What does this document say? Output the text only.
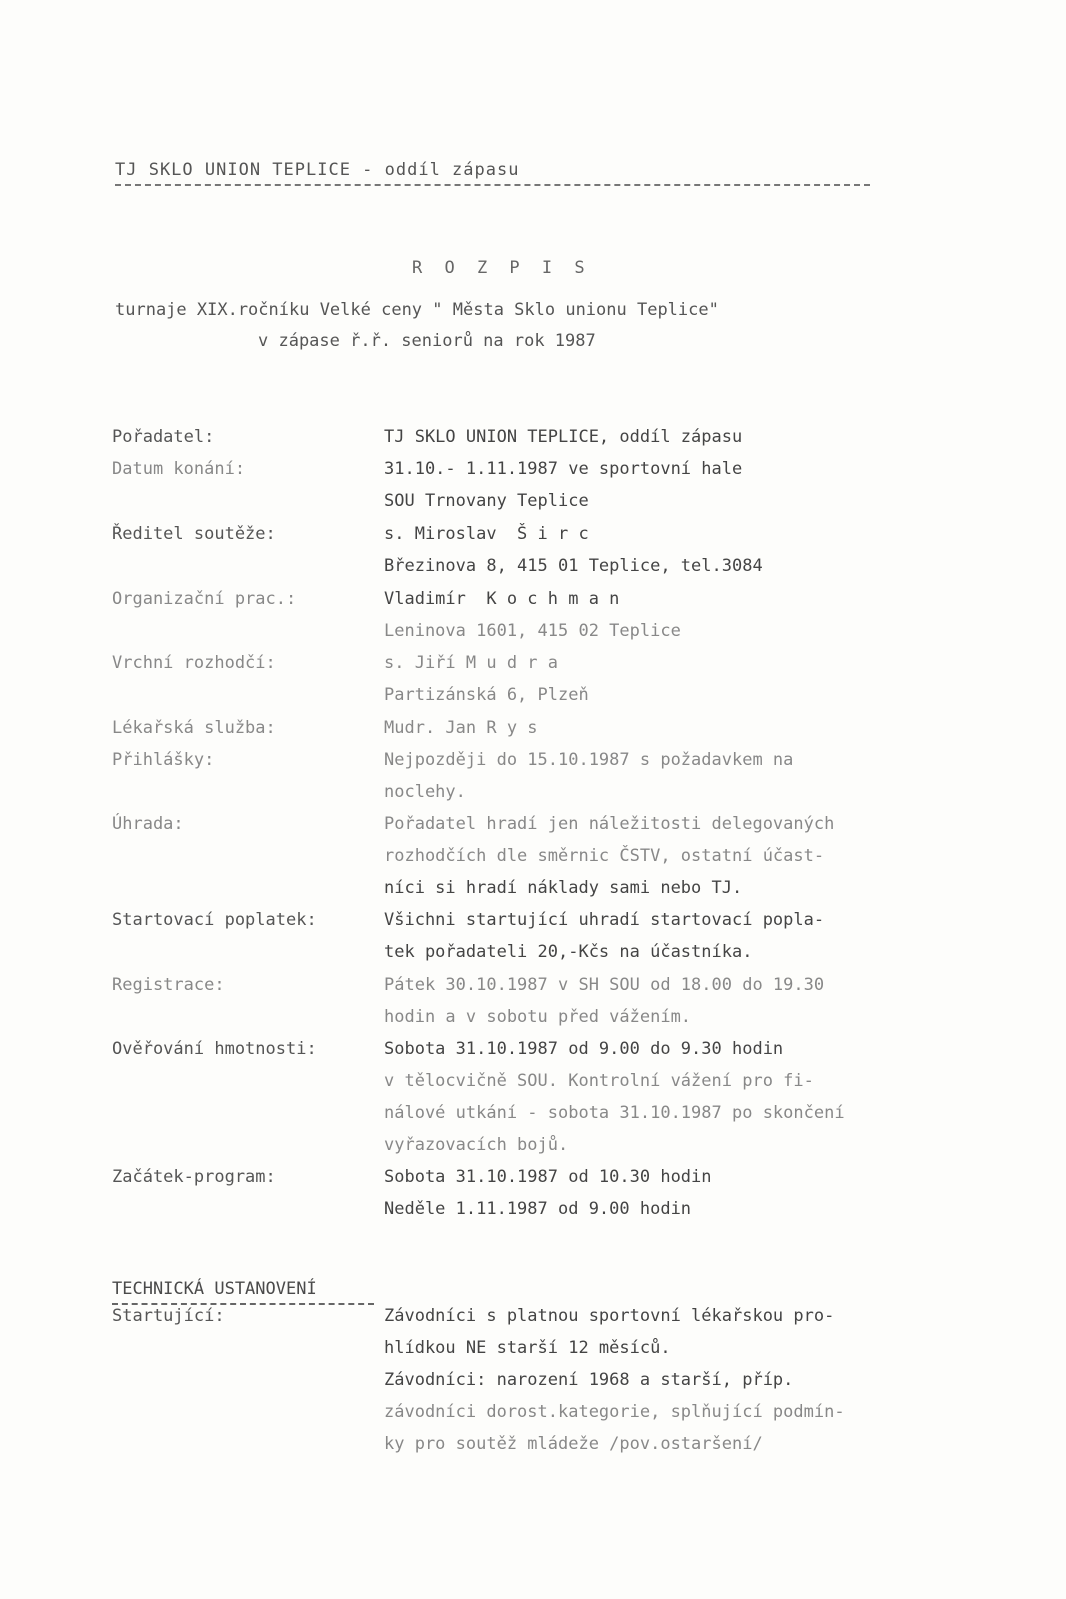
TJ SKLO UNION TEPLICE - oddíl zápasu
R O Z P I S
turnaje XIX.ročníku Velké ceny " Města Sklo unionu Teplice"
v zápase ř.ř. seniorů na rok 1987
Pořadatel:	TJ SKLO UNION TEPLICE, oddíl zápasu
Datum konání:	31.10.- 1.11.1987 ve sportovní hale
SOU Trnovany Teplice
Ředitel soutěže:	s. Miroslav  Š i r c
Březinova 8, 415 01 Teplice, tel.3084
Organizační prac.:	Vladimír  K o c h m a n
Leninova 1601, 415 02 Teplice
Vrchní rozhodčí:	s. Jiří M u d r a
Partizánská 6, Plzeň
Lékařská služba:	Mudr. Jan R y s
Přihlášky:	Nejpozději do 15.10.1987 s požadavkem na
noclehy.
Úhrada:	Pořadatel hradí jen náležitosti delegovaných
rozhodčích dle směrnic ČSTV, ostatní účast-
níci si hradí náklady sami nebo TJ.
Startovací poplatek:	Všichni startující uhradí startovací popla-
tek pořadateli 20,-Kčs na účastníka.
Registrace:	Pátek 30.10.1987 v SH SOU od 18.00 do 19.30
hodin a v sobotu před vážením.
Ověřování hmotnosti:	Sobota 31.10.1987 od 9.00 do 9.30 hodin
v tělocvičně SOU. Kontrolní vážení pro fi-
nálové utkání - sobota 31.10.1987 po skončení
vyřazovacích bojů.
Začátek-program:	Sobota 31.10.1987 od 10.30 hodin
Neděle 1.11.1987 od 9.00 hodin
TECHNICKÁ USTANOVENÍ
Startující:	Závodníci s platnou sportovní lékařskou pro-
hlídkou NE starší 12 měsíců.
Závodníci: narození 1968 a starší, příp.
závodníci dorost.kategorie, splňující podmín-
ky pro soutěž mládeže /pov.ostaršení/
